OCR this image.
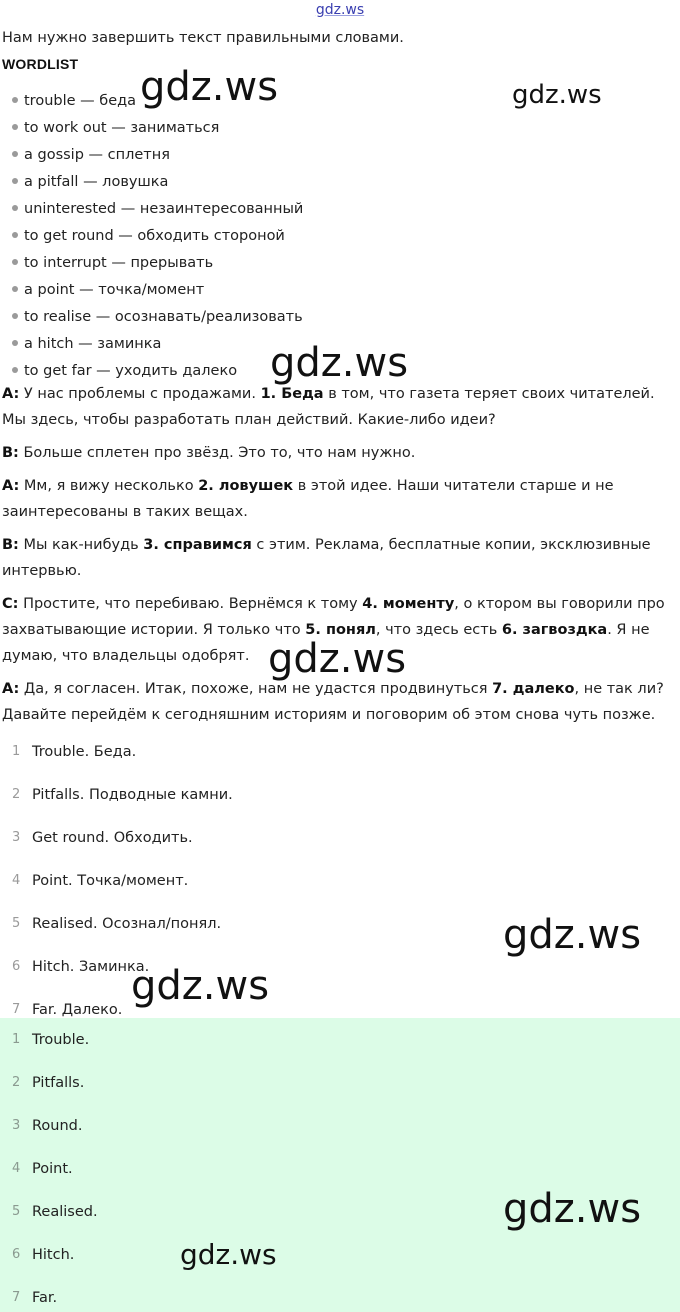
gdz.ws
Нам нужно завершить текст правильными словами.
WORDLIST
trouble — беда
to work out — заниматься
a gossip — сплетня
a pitfall — ловушка
uninterested — незаинтересованный
to get round — обходить стороной
to interrupt — прерывать
a point — точка/момент
to realise — осознавать/реализовать
a hitch — заминка
to get far — уходить далеко

A: У нас проблемы с продажами. 1. Беда в том, что газета теряет своих читателей. Мы здесь, чтобы разработать план действий. Какие-либо идеи?

B: Больше сплетен про звёзд. Это то, что нам нужно.

A: Мм, я вижу несколько 2. ловушек в этой идее. Наши читатели старше и не заинтересованы в таких вещах.

B: Мы как-нибудь 3. справимся с этим. Реклама, бесплатные копии, эксклюзивные интервью.

C: Простите, что перебиваю. Вернёмся к тому 4. моменту, о ктором вы говорили про захватывающие истории. Я только что 5. понял, что здесь есть 6. загвоздка. Я не думаю, что владельцы одобрят.

A: Да, я согласен. Итак, похоже, нам не удастся продвинуться 7. далеко, не так ли? Давайте перейдём к сегодняшним историям и поговорим об этом снова чуть позже.

1 Trouble. Беда.
2 Pitfalls. Подводные камни.
3 Get round. Обходить.
4 Point. Точка/момент.
5 Realised. Осознал/понял.
6 Hitch. Заминка.
7 Far. Далеко.
1 Trouble.
2 Pitfalls.
3 Round.
4 Point.
5 Realised.
6 Hitch.
7 Far.
gdz.ws	gdz.ws
gdz.ws
gdz.ws
gdz.ws
gdz.ws
gdz.ws
gdz.ws
